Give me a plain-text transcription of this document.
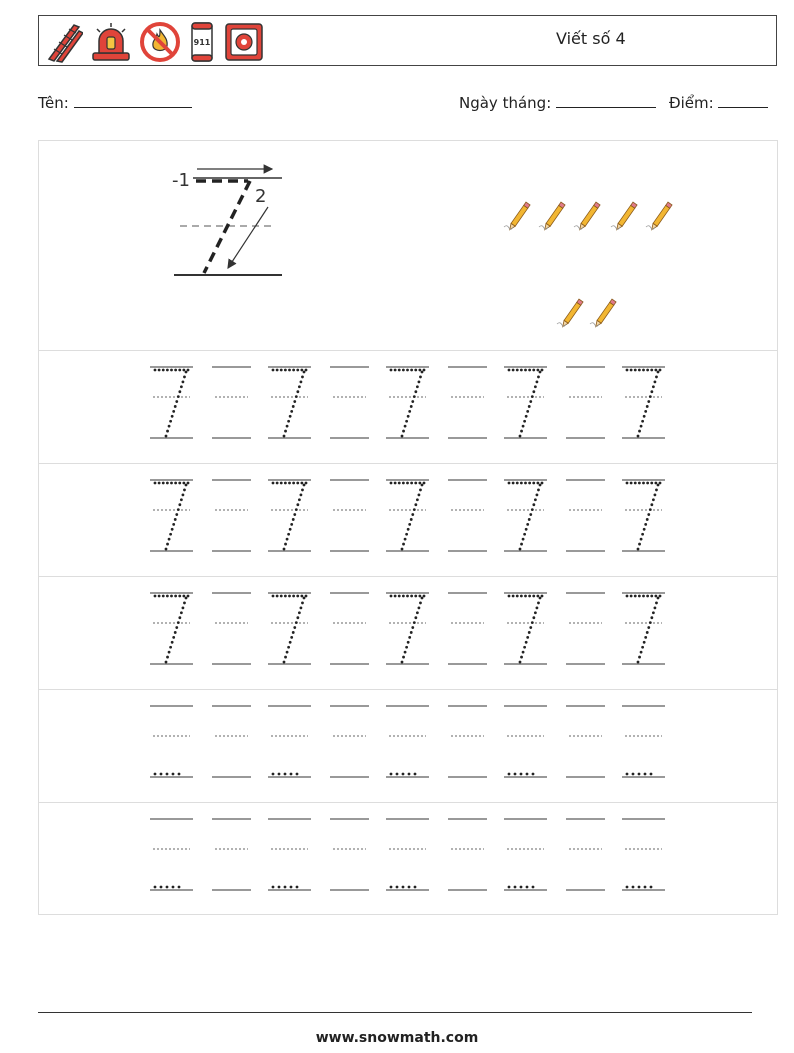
911	Viết số 4
Tên:	Ngày tháng:	Điểm:
-1
2
www.snowmath.com
